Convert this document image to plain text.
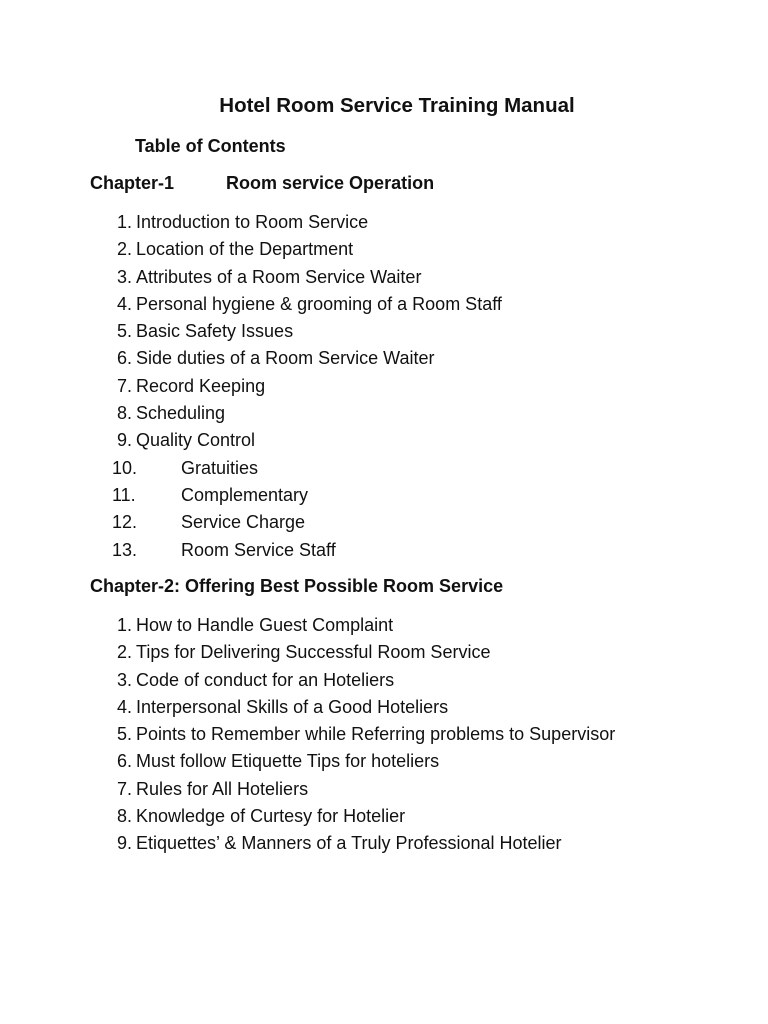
Hotel Room Service Training Manual
Table of Contents
Chapter-1	Room service Operation
1. Introduction to Room Service
2. Location of the Department
3. Attributes of a Room Service Waiter
4. Personal hygiene & grooming of a Room Staff
5. Basic Safety Issues
6. Side duties of a Room Service Waiter
7. Record Keeping
8. Scheduling
9. Quality Control
10. Gratuities
11.	Complementary
12. Service Charge
13. Room Service Staff
Chapter-2: Offering Best Possible Room Service
1. How to Handle Guest Complaint
2. Tips for Delivering Successful Room Service
3. Code of conduct for an Hoteliers
4. Interpersonal Skills of a Good Hoteliers
5. Points to Remember while Referring problems to Supervisor
6. Must follow Etiquette Tips for hoteliers
7. Rules for All Hoteliers
8. Knowledge of Curtesy for Hotelier
9. Etiquettes’ & Manners of a Truly Professional Hotelier
